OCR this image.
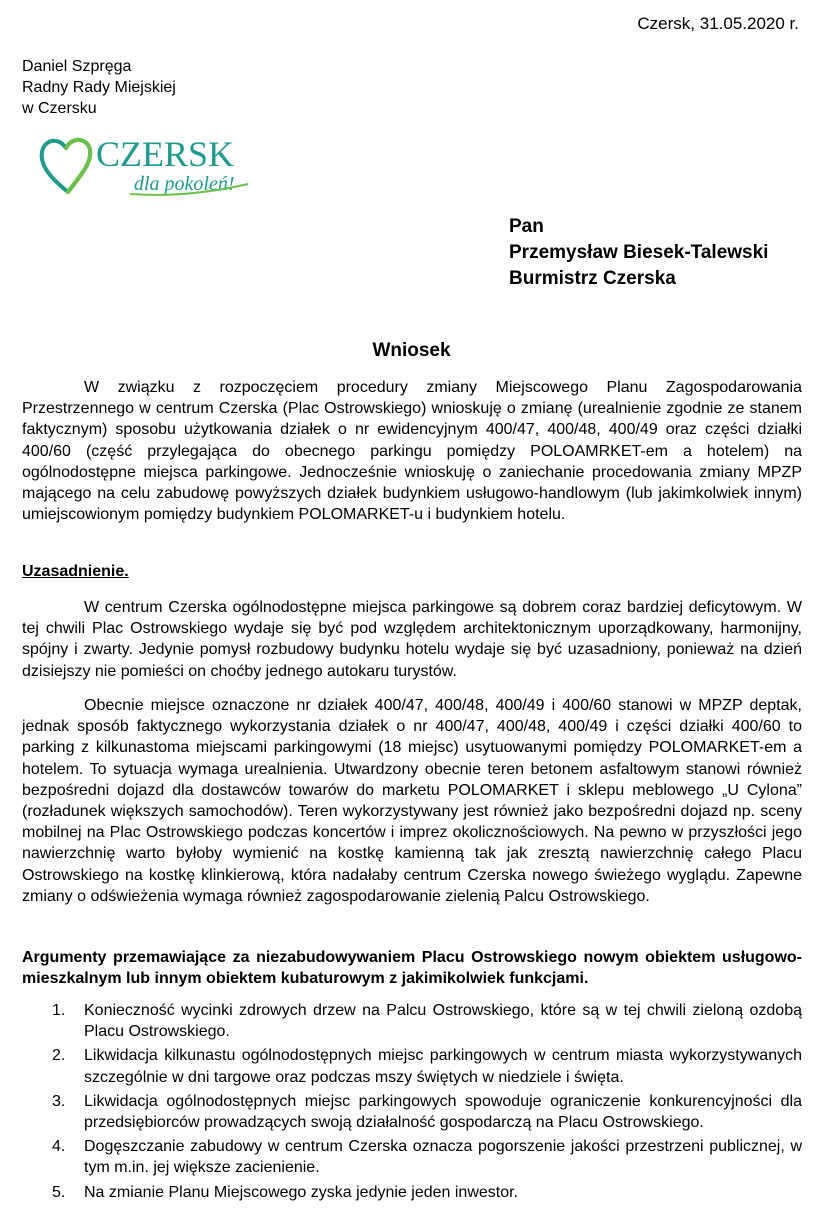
Czersk, 31.05.2020 r.
Daniel Szpręga
Radny Rady Miejskiej
w Czersku
CZERSK
dla pokoleń!
Pan
Przemysław Biesek-Talewski
Burmistrz Czerska
Wniosek

W związku z rozpoczęciem procedury zmiany Miejscowego Planu Zagospodarowania Przestrzennego w centrum Czerska (Plac Ostrowskiego) wnioskuję o zmianę (urealnienie zgodnie ze stanem faktycznym) sposobu użytkowania działek o nr ewidencyjnym 400/47, 400/48, 400/49 oraz części działki 400/60 (część przylegająca do obecnego parkingu pomiędzy POLOAMRKET-em a hotelem) na ogólnodostępne miejsca parkingowe. Jednocześnie wnioskuję o zaniechanie procedowania zmiany MPZP mającego na celu zabudowę powyższych działek budynkiem usługowo-handlowym (lub jakimkolwiek innym) umiejscowionym pomiędzy budynkiem POLOMARKET-u i budynkiem hotelu.

Uzasadnienie.

W centrum Czerska ogólnodostępne miejsca parkingowe są dobrem coraz bardziej deficytowym. W tej chwili Plac Ostrowskiego wydaje się być pod względem architektonicznym uporządkowany, harmonijny, spójny i zwarty. Jedynie pomysł rozbudowy budynku hotelu wydaje się być uzasadniony, ponieważ na dzień dzisiejszy nie pomieści on choćby jednego autokaru turystów.

Obecnie miejsce oznaczone nr działek 400/47, 400/48, 400/49 i 400/60 stanowi w MPZP deptak, jednak sposób faktycznego wykorzystania działek o nr 400/47, 400/48, 400/49 i części działki 400/60 to parking z kilkunastoma miejscami parkingowymi (18 miejsc) usytuowanymi pomiędzy POLOMARKET-em a hotelem. To sytuacja wymaga urealnienia. Utwardzony obecnie teren betonem asfaltowym stanowi również bezpośredni dojazd dla dostawców towarów do marketu POLOMARKET i sklepu meblowego „U Cylona” (rozładunek większych samochodów). Teren wykorzystywany jest również jako bezpośredni dojazd np. sceny mobilnej na Plac Ostrowskiego podczas koncertów i imprez okolicznościowych. Na pewno w przyszłości jego nawierzchnię warto byłoby wymienić na kostkę kamienną tak jak zresztą nawierzchnię całego Placu Ostrowskiego na kostkę klinkierową, która nadałaby centrum Czerska nowego świeżego wyglądu. Zapewne zmiany o odświeżenia wymaga również zagospodarowanie zielenią Palcu Ostrowskiego.

Argumenty przemawiające za niezabudowywaniem Placu Ostrowskiego nowym obiektem usługowo-mieszkalnym lub innym obiektem kubaturowym z jakimikolwiek funkcjami.

1. Konieczność wycinki zdrowych drzew na Palcu Ostrowskiego, które są w tej chwili zieloną ozdobą Placu Ostrowskiego.
2. Likwidacja kilkunastu ogólnodostępnych miejsc parkingowych w centrum miasta wykorzystywanych szczególnie w dni targowe oraz podczas mszy świętych w niedziele i święta.
3. Likwidacja ogólnodostępnych miejsc parkingowych spowoduje ograniczenie konkurencyjności dla przedsiębiorców prowadzących swoją działalność gospodarczą na Placu Ostrowskiego.
4. Dogęszczanie zabudowy w centrum Czerska oznacza pogorszenie jakości przestrzeni publicznej, w tym m.in. jej większe zacienienie.
5. Na zmianie Planu Miejscowego zyska jedynie jeden inwestor.
